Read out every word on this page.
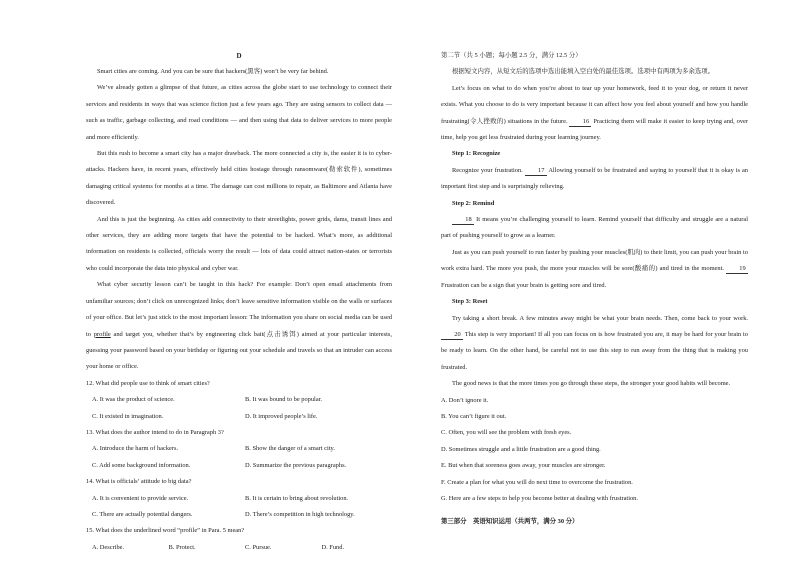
D

Smart cities are coming. And you can be sure that hackers(黑客) won’t be very far behind.

We’ve already gotten a glimpse of that future, as cities across the globe start to use technology to connect their services and residents in ways that was science fiction just a few years ago. They are using sensors to collect data — such as traffic, garbage collecting, and road conditions — and then using that data to deliver services to more people and more efficiently.

But this rush to become a smart city has a major drawback. The more connected a city is, the easier it is to cyber-attacks. Hackers have, in recent years, effectively held cities hostage through ransomware(勒索软件), sometimes damaging critical systems for months at a time. The damage can cost millions to repair, as Baltimore and Atlanta have discovered.

And this is just the beginning. As cities add connectivity to their streetlights, power grids, dams, transit lines and other services, they are adding more targets that have the potential to be hacked. What’s more, as additional information on residents is collected, officials worry the result — lots of data could attract nation-states or terrorists who could incorporate the data into physical and cyber war.

What cyber security lesson can’t be taught in this hack? For example: Don’t open email attachments from unfamiliar sources; don’t click on unrecognized links; don’t leave sensitive information visible on the walls or surfaces of your office. But let’s just stick to the most important lesson: The information you share on social media can be used to profile and target you, whether that’s by engineering click bait(点击诱饵) aimed at your particular interests, guessing your password based on your birthday or figuring out your schedule and travels so that an intruder can access your home or office.

12. What did people use to think of smart cities?

A. It was the product of science.	B. It was bound to be popular.
C. It existed in imagination.	D. It improved people’s life.

13. What does the author intend to do in Paragraph 3?

A. Introduce the harm of hackers.	B. Show the danger of a smart city.
C. Add some background information.	D. Summarize the previous paragraphs.

14. What is officials’ attitude to big data?

A. It is convenient to provide service.	B. It is certain to bring about revolution.
C. There are actually potential dangers.	D. There’s competition in high technology.

15. What does the underlined word “profile” in Para. 5 mean?

A. Describe.	B. Protect.	C. Pursue.	D. Fund.

第二节（共 5 小题；每小题 2.5 分，满分 12.5 分）

根据短文内容，从短文后的选项中选出能填入空白处的最佳选项。选项中有两项为多余选项。

Let’s focus on what to do when you’re about to tear up your homework, feed it to your dog, or return it never exists. What you choose to do is very important because it can affect how you feel about yourself and how you handle frustrating(令人挫败的) situations in the future. 16 Practicing them will make it easier to keep trying and, over time, help you get less frustrated during your learning journey.

Step 1: Recognize

Recognize your frustration. 17 Allowing yourself to be frustrated and saying to yourself that it is okay is an important first step and is surprisingly relieving.

Step 2: Remind

18 It means you’re challenging yourself to learn. Remind yourself that difficulty and struggle are a natural part of pushing yourself to grow as a learner.

Just as you can push yourself to run faster by pushing your muscles(肌肉) to their limit, you can push your brain to work extra hard. The more you push, the more your muscles will be sore(酸痛的) and tired in the moment. 19 Frustration can be a sign that your brain is getting sore and tired.

Step 3: Reset

Try taking a short break. A few minutes away might be what your brain needs. Then, come back to your work. 20 This step is very important! If all you can focus on is how frustrated you are, it may be hard for your brain to be ready to learn. On the other hand, be careful not to use this step to run away from the thing that is making you frustrated.

The good news is that the more times you go through these steps, the stronger your good habits will become.

A. Don’t ignore it.

B. You can’t figure it out.

C. Often, you will see the problem with fresh eyes.

D. Sometimes struggle and a little frustration are a good thing.

E. But when that soreness goes away, your muscles are stronger.

F. Create a plan for what you will do next time to overcome the frustration.

G. Here are a few steps to help you become better at dealing with frustration.

第三部分　英语知识运用（共两节，满分 30 分）
